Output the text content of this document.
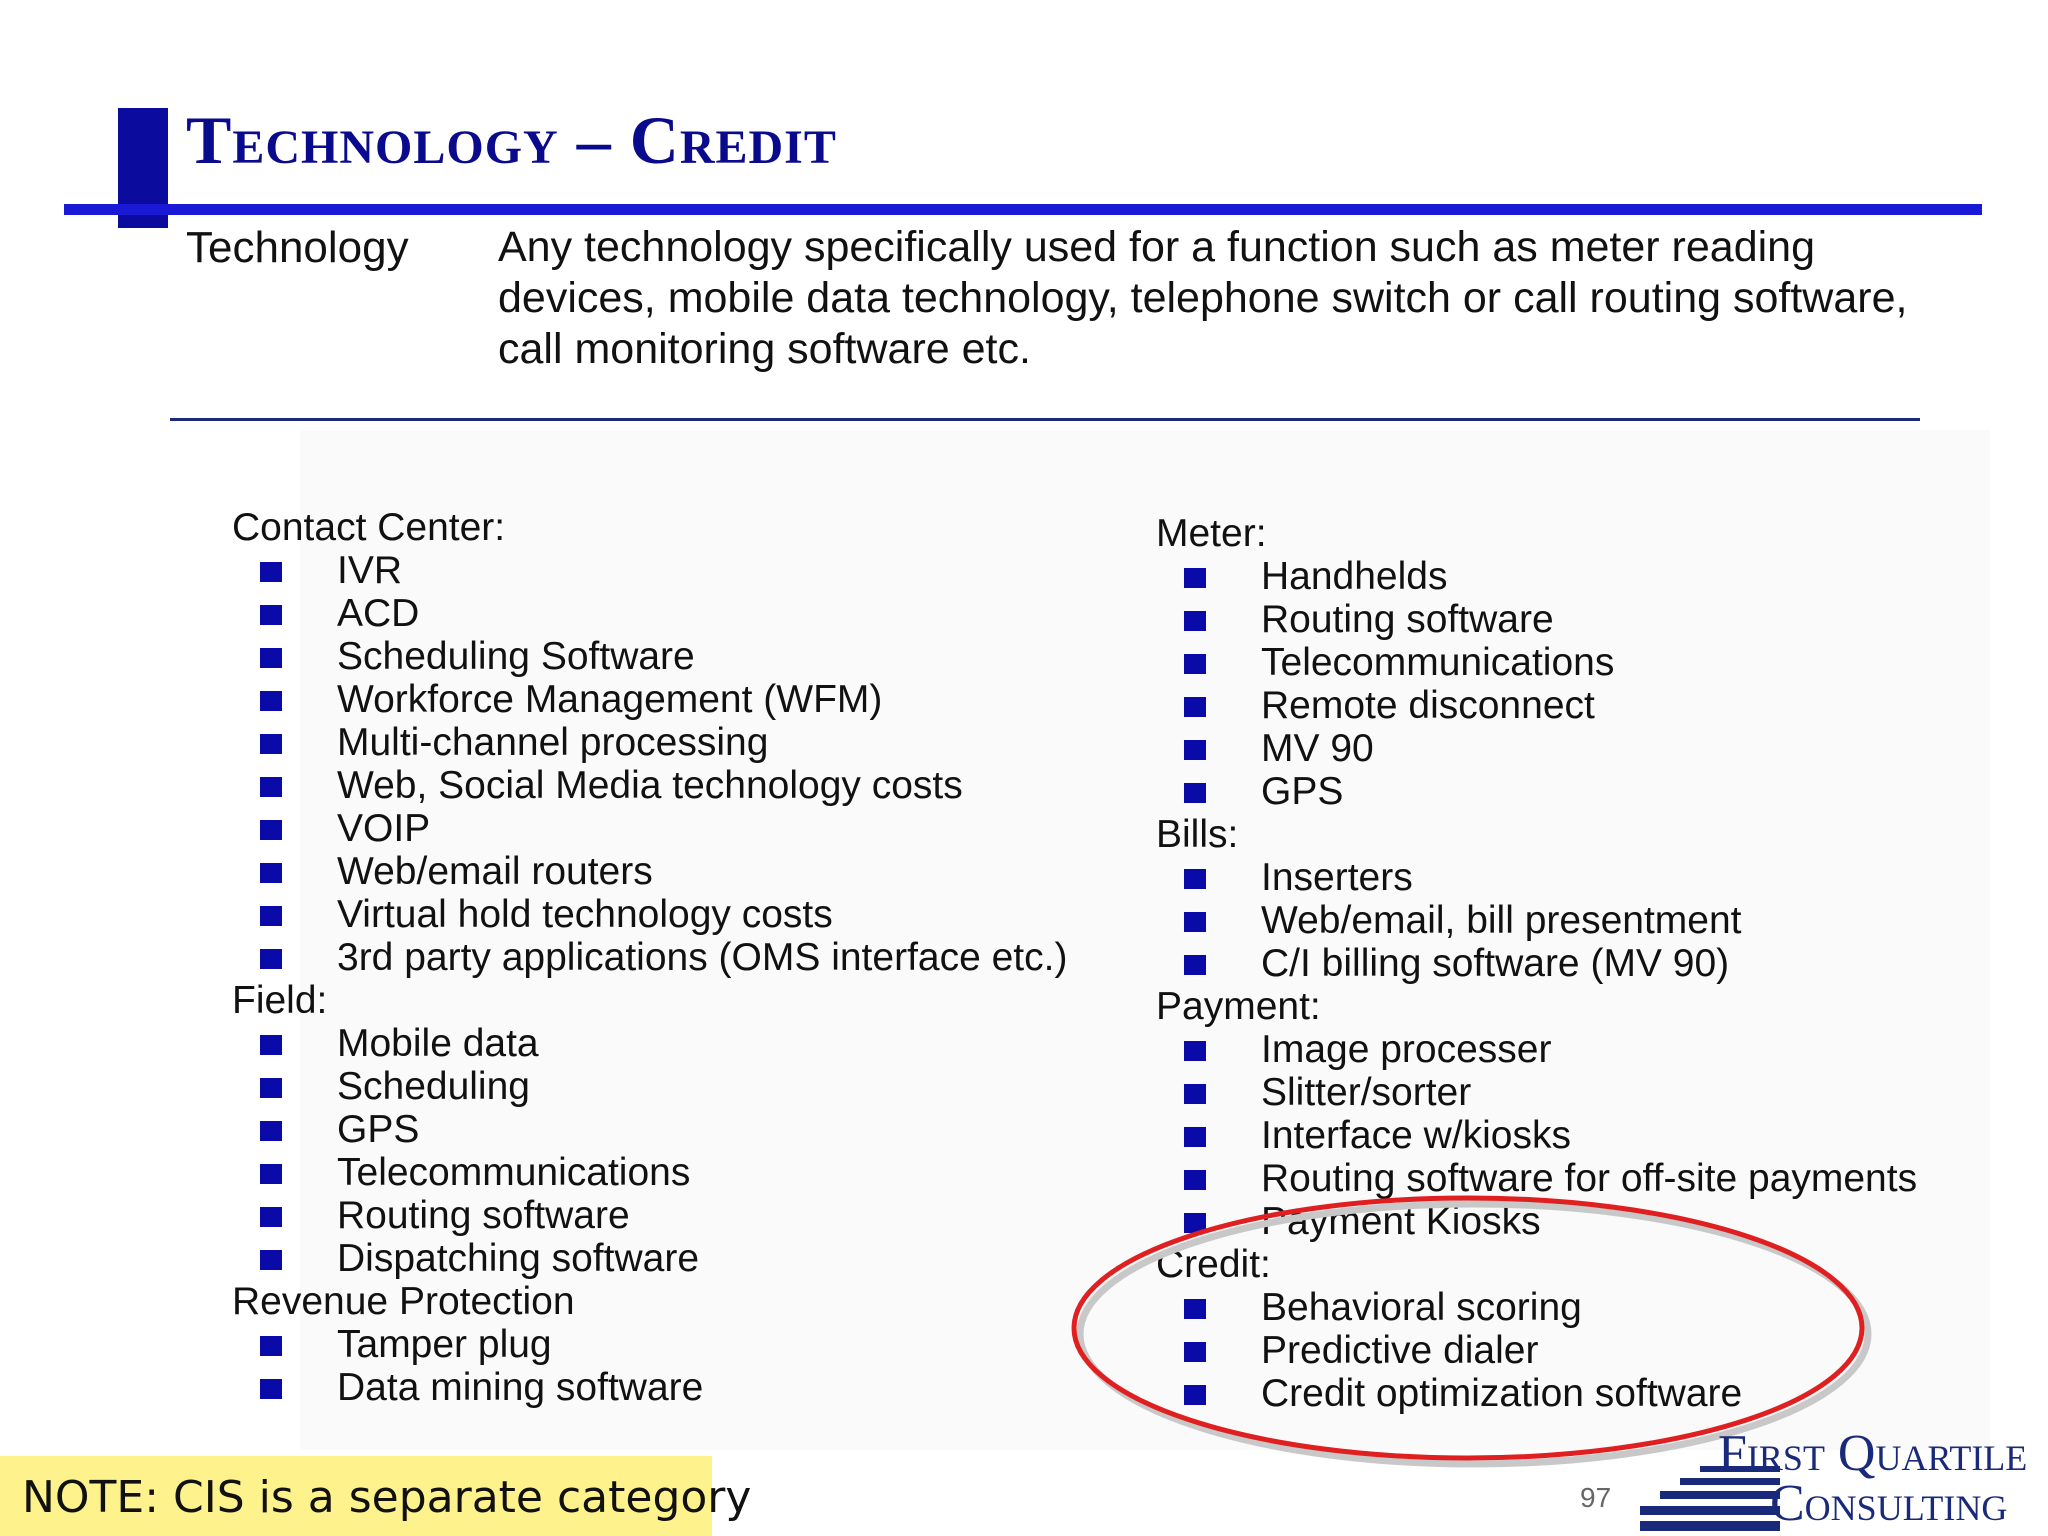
Technology – Credit
Technology Any technology specifically used for a function such as meter reading devices, mobile data technology, telephone switch or call routing software, call monitoring software etc.
Contact Center:
IVR
ACD
Scheduling Software
Workforce Management (WFM)
Multi-channel processing
Web, Social Media technology costs
VOIP
Web/email routers
Virtual hold technology costs
3rd party applications (OMS interface etc.)
Field:
Mobile data
Scheduling
GPS
Telecommunications
Routing software
Dispatching software
Revenue Protection
Tamper plug
Data mining software
Meter:
Handhelds
Routing software
Telecommunications
Remote disconnect
MV 90
GPS
Bills:
Inserters
Web/email, bill presentment
C/I billing software (MV 90)
Payment:
Image processer
Slitter/sorter
Interface w/kiosks
Routing software for off-site payments
Payment Kiosks
Credit:
Behavioral scoring
Predictive dialer
Credit optimization software
NOTE: CIS is a separate category	97
First Quartile
Consulting
